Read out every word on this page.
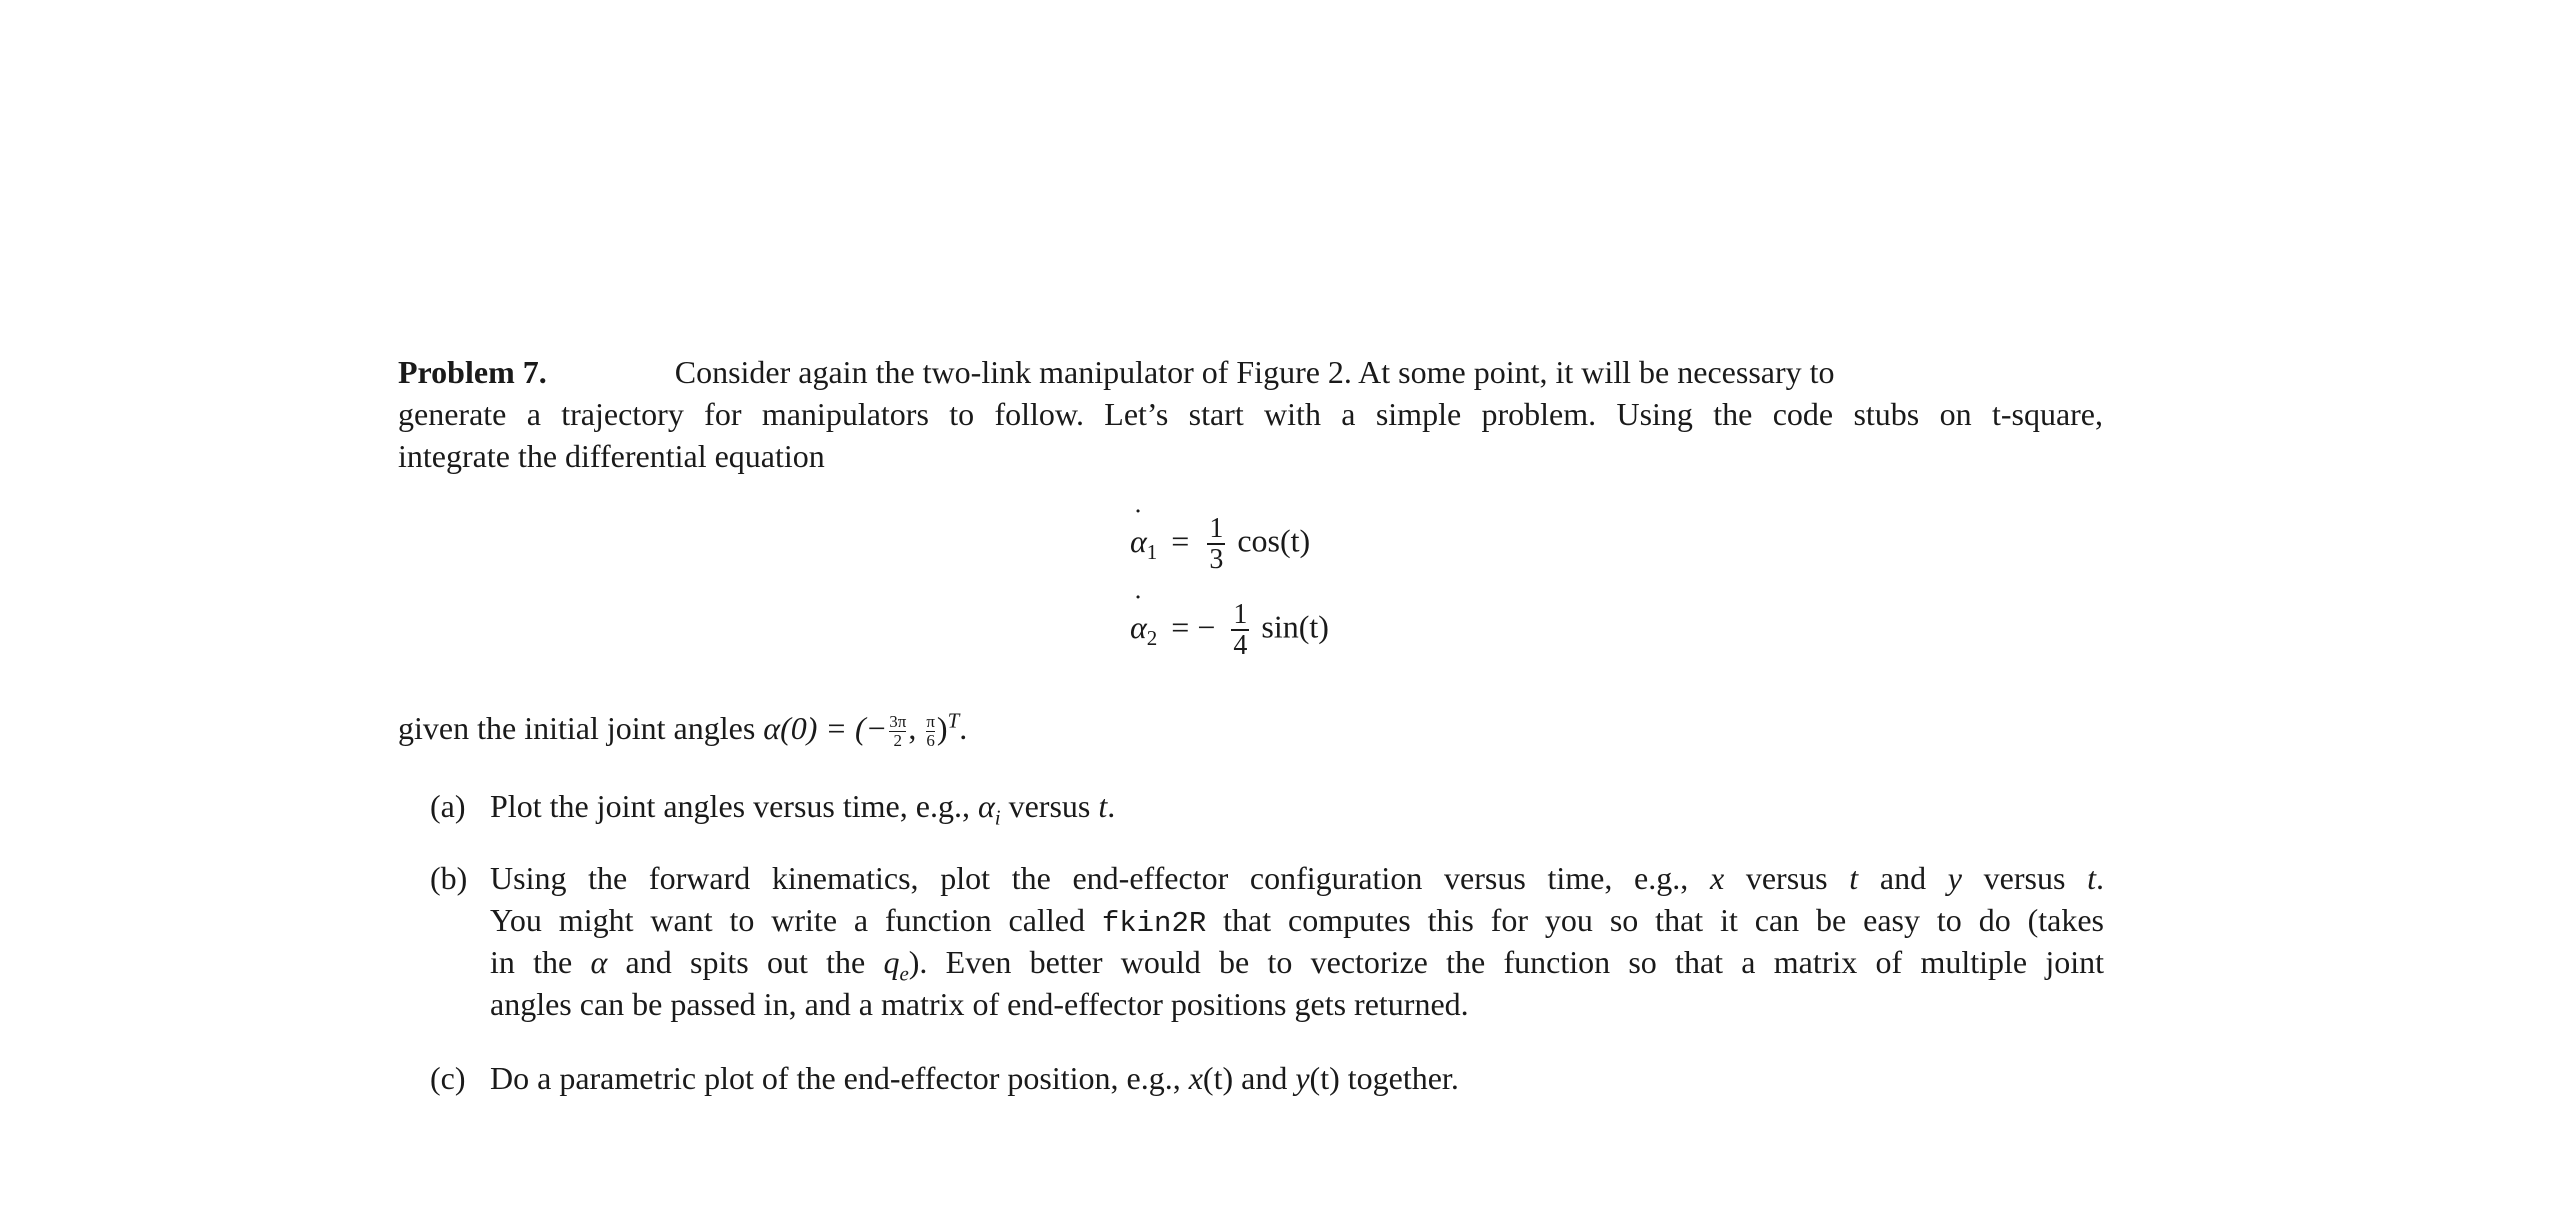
Problem 7.	Consider again the two-link manipulator of Figure 2. At some point, it will be necessary to
generate a trajectory for manipulators to follow. Let’s start with a simple problem. Using the code stubs on t-square,
integrate the differential equation
˙ $\alpha_1 = \frac{1}{3} \cos(t)$
˙ $\alpha_2$ = − $\frac{1}{4} \sin(t)$
given the initial joint angles α(0) = (− $\frac{3\pi}{2}$ , $\frac{\pi}{6} )^T$.
(a) Plot the joint angles versus time, e.g., $\alpha_i$ versus t.
(b) Using the forward kinematics, plot the end-effector configuration versus time, e.g., x versus t and y versus t.
You might want to write a function called fkin2R that computes this for you so that it can be easy to do (takes
in the α and spits out the $q_e$). Even better would be to vectorize the function so that a matrix of multiple joint
angles can be passed in, and a matrix of end-effector positions gets returned.
(c) Do a parametric plot of the end-effector position, e.g., x(t) and y(t) together.
